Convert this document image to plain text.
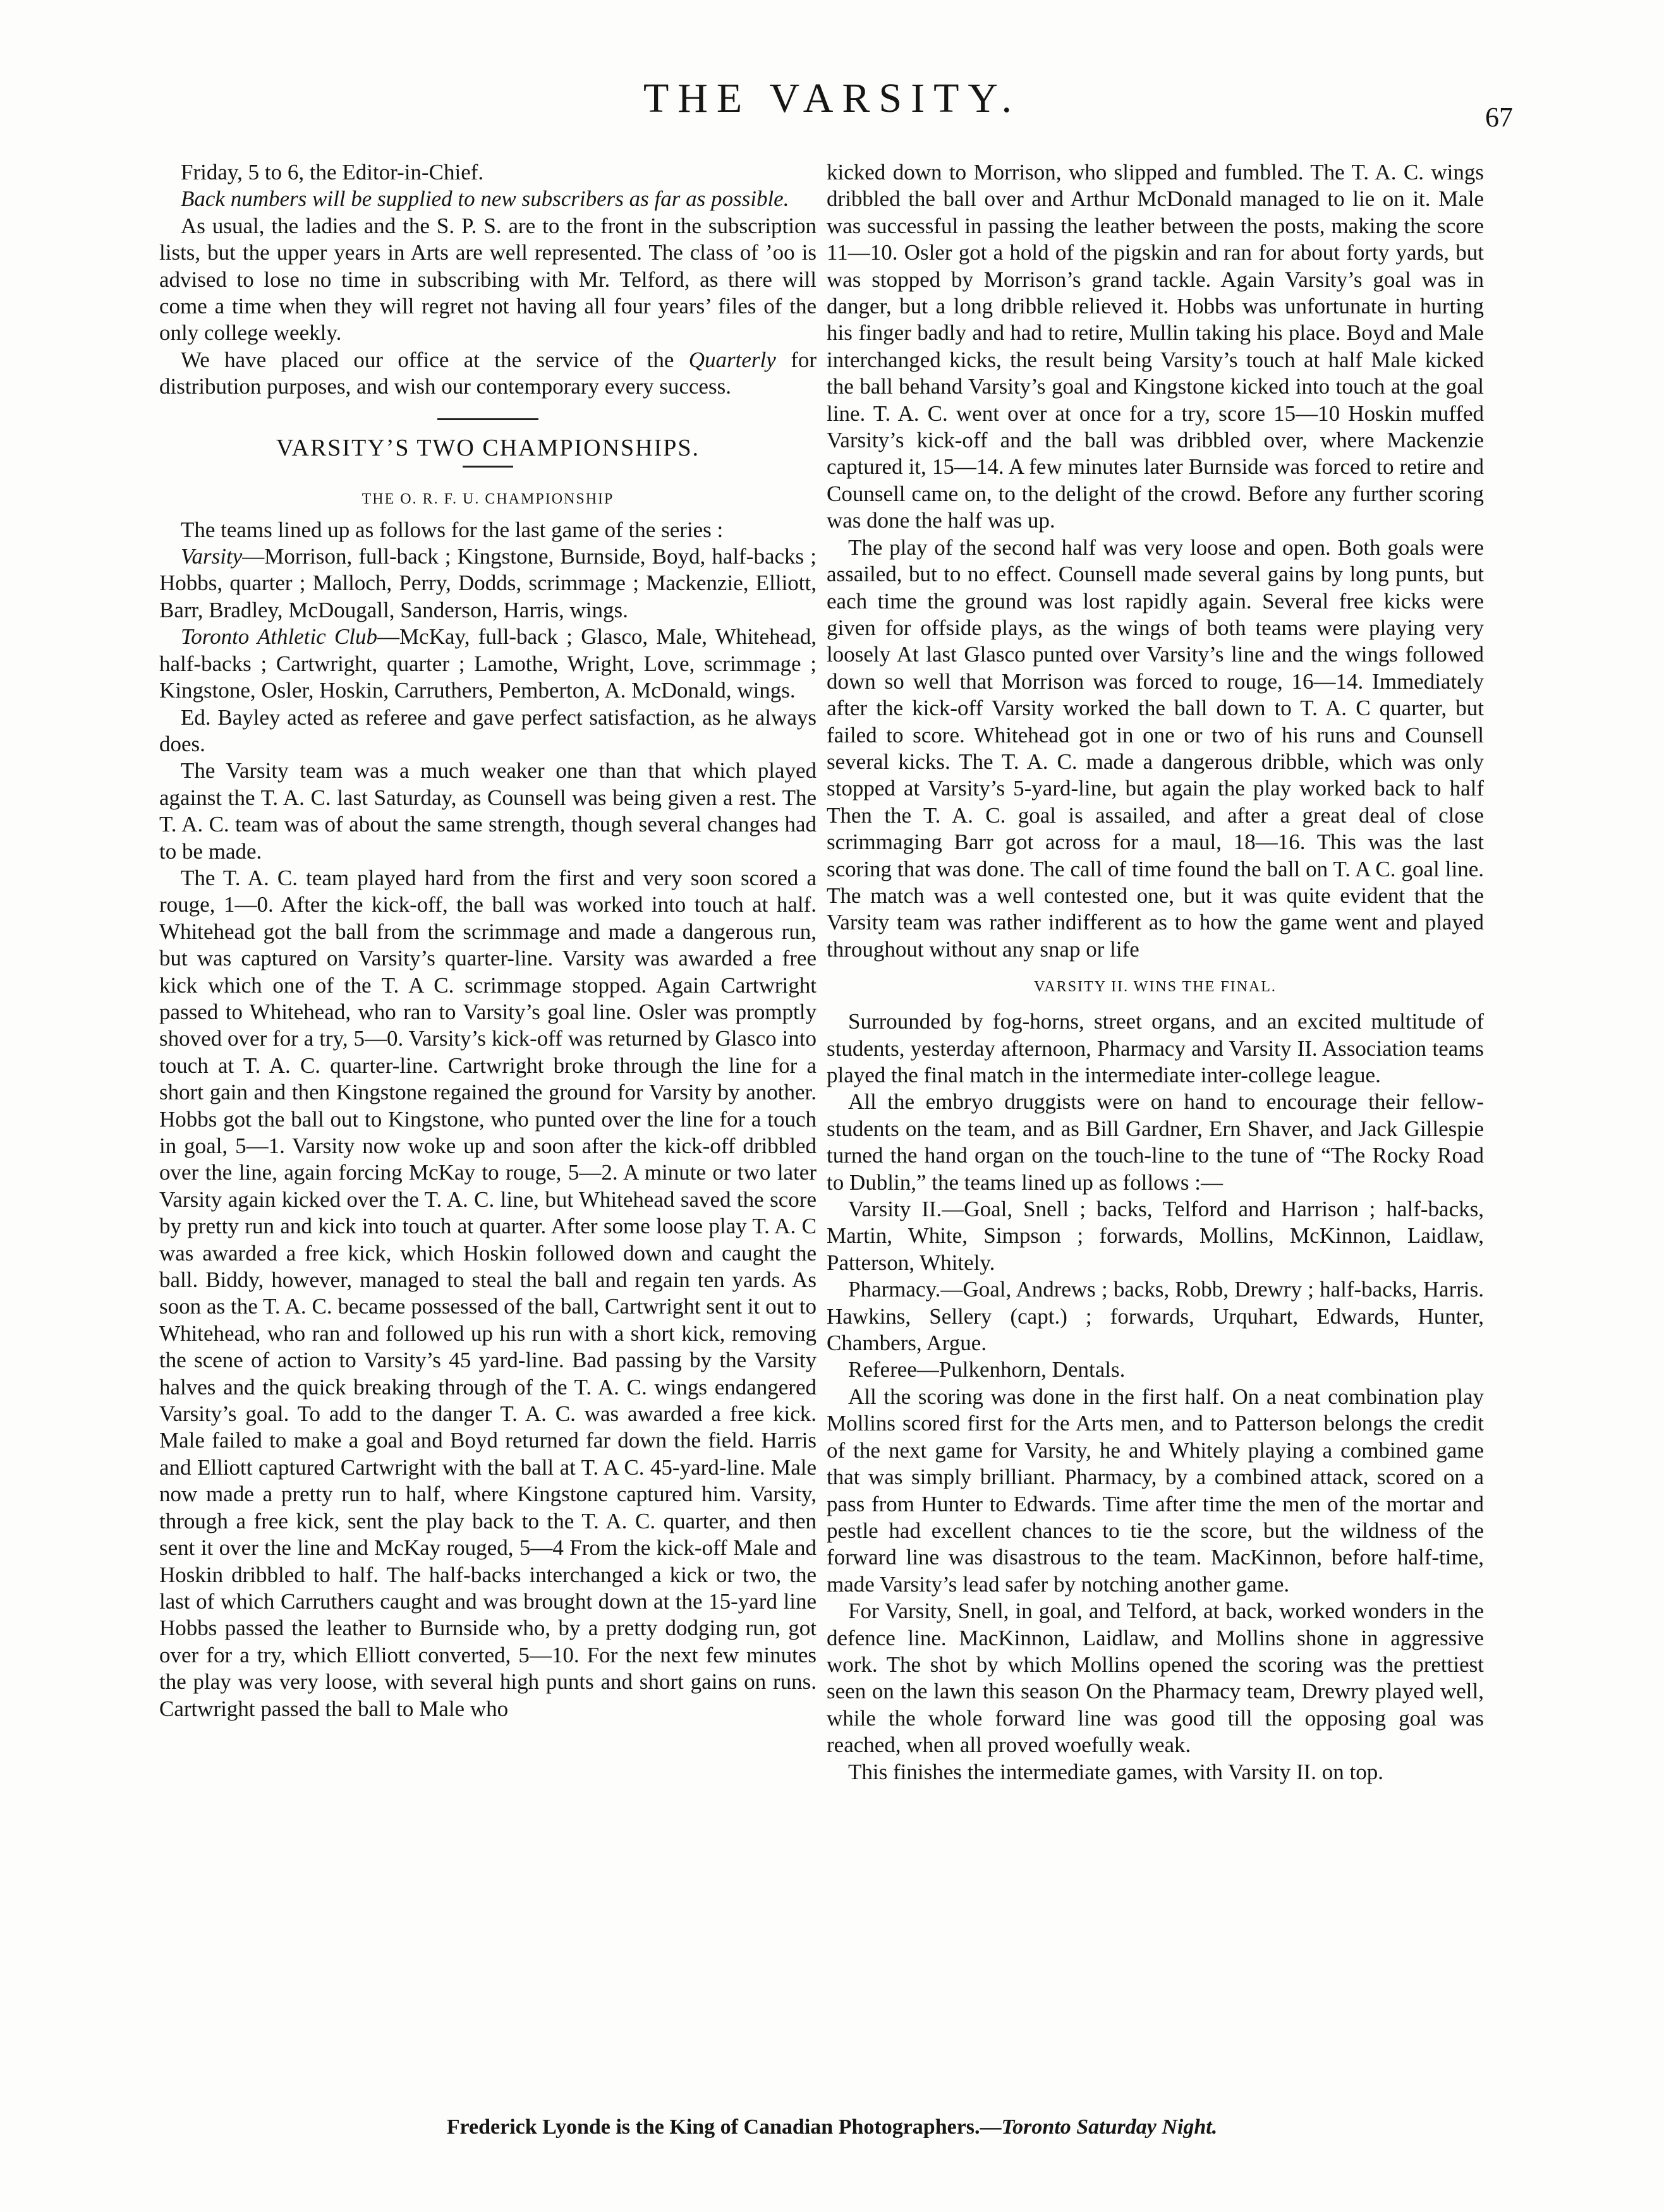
THE VARSITY.	67

Friday, 5 to 6, the Editor-in-Chief.

Back numbers will be supplied to new subscribers as far as possible.

As usual, the ladies and the S. P. S. are to the front in the subscription lists, but the upper years in Arts are well represented. The class of ’oo is advised to lose no time in subscribing with Mr. Telford, as there will come a time when they will regret not having all four years’ files of the only college weekly.

We have placed our office at the service of the Quarterly for distribution purposes, and wish our contemporary every success.

VARSITY’S TWO CHAMPIONSHIPS.
THE O. R. F. U. CHAMPIONSHIP

The teams lined up as follows for the last game of the series :

Varsity—Morrison, full-back ; Kingstone, Burnside, Boyd, half-backs ; Hobbs, quarter ; Malloch, Perry, Dodds, scrimmage ; Mackenzie, Elliott, Barr, Bradley, McDougall, Sanderson, Harris, wings.

Toronto Athletic Club—McKay, full-back ; Glasco, Male, Whitehead, half-backs ; Cartwright, quarter ; Lamothe, Wright, Love, scrimmage ; Kingstone, Osler, Hoskin, Carruthers, Pemberton, A. McDonald, wings.

Ed. Bayley acted as referee and gave perfect satisfaction, as he always does.

The Varsity team was a much weaker one than that which played against the T. A. C. last Saturday, as Counsell was being given a rest. The T. A. C. team was of about the same strength, though several changes had to be made.

The T. A. C. team played hard from the first and very soon scored a rouge, 1—0. After the kick-off, the ball was worked into touch at half. Whitehead got the ball from the scrimmage and made a dangerous run, but was captured on Varsity’s quarter-line. Varsity was awarded a free kick which one of the T. A C. scrimmage stopped. Again Cartwright passed to Whitehead, who ran to Varsity’s goal line. Osler was promptly shoved over for a try, 5—0. Varsity’s kick-off was returned by Glasco into touch at T. A. C. quarter-line. Cartwright broke through the line for a short gain and then Kingstone regained the ground for Varsity by another. Hobbs got the ball out to Kingstone, who punted over the line for a touch in goal, 5—1. Varsity now woke up and soon after the kick-off dribbled over the line, again forcing McKay to rouge, 5—2. A minute or two later Varsity again kicked over the T. A. C. line, but Whitehead saved the score by pretty run and kick into touch at quarter. After some loose play T. A. C was awarded a free kick, which Hoskin followed down and caught the ball. Biddy, however, managed to steal the ball and regain ten yards. As soon as the T. A. C. became possessed of the ball, Cartwright sent it out to Whitehead, who ran and followed up his run with a short kick, removing the scene of action to Varsity’s 45 yard-line. Bad passing by the Varsity halves and the quick breaking through of the T. A. C. wings endangered Varsity’s goal. To add to the danger T. A. C. was awarded a free kick. Male failed to make a goal and Boyd returned far down the field. Harris and Elliott captured Cartwright with the ball at T. A C. 45-yard-line. Male now made a pretty run to half, where Kingstone captured him. Varsity, through a free kick, sent the play back to the T. A. C. quarter, and then sent it over the line and McKay rouged, 5—4 From the kick-off Male and Hoskin dribbled to half. The half-backs interchanged a kick or two, the last of which Carruthers caught and was brought down at the 15-yard line Hobbs passed the leather to Burnside who, by a pretty dodging run, got over for a try, which Elliott converted, 5—10. For the next few minutes the play was very loose, with several high punts and short gains on runs. Cartwright passed the ball to Male who

kicked down to Morrison, who slipped and fumbled. The T. A. C. wings dribbled the ball over and Arthur McDonald managed to lie on it. Male was successful in passing the leather between the posts, making the score 11—10. Osler got a hold of the pigskin and ran for about forty yards, but was stopped by Morrison’s grand tackle. Again Varsity’s goal was in danger, but a long dribble relieved it. Hobbs was unfortunate in hurting his finger badly and had to retire, Mullin taking his place. Boyd and Male interchanged kicks, the result being Varsity’s touch at half Male kicked the ball behand Varsity’s goal and Kingstone kicked into touch at the goal line. T. A. C. went over at once for a try, score 15—10 Hoskin muffed Varsity’s kick-off and the ball was dribbled over, where Mackenzie captured it, 15—14. A few minutes later Burnside was forced to retire and Counsell came on, to the delight of the crowd. Before any further scoring was done the half was up.

The play of the second half was very loose and open. Both goals were assailed, but to no effect. Counsell made several gains by long punts, but each time the ground was lost rapidly again. Several free kicks were given for offside plays, as the wings of both teams were playing very loosely At last Glasco punted over Varsity’s line and the wings followed down so well that Morrison was forced to rouge, 16—14. Immediately after the kick-off Varsity worked the ball down to T. A. C quarter, but failed to score. Whitehead got in one or two of his runs and Counsell several kicks. The T. A. C. made a dangerous dribble, which was only stopped at Varsity’s 5-yard-line, but again the play worked back to half Then the T. A. C. goal is assailed, and after a great deal of close scrimmaging Barr got across for a maul, 18—16. This was the last scoring that was done. The call of time found the ball on T. A C. goal line. The match was a well contested one, but it was quite evident that the Varsity team was rather indifferent as to how the game went and played throughout without any snap or life

VARSITY II. WINS THE FINAL.

Surrounded by fog-horns, street organs, and an excited multitude of students, yesterday afternoon, Pharmacy and Varsity II. Association teams played the final match in the intermediate inter-college league.

All the embryo druggists were on hand to encourage their fellow-students on the team, and as Bill Gardner, Ern Shaver, and Jack Gillespie turned the hand organ on the touch-line to the tune of “The Rocky Road to Dublin,” the teams lined up as follows :—

Varsity II.—Goal, Snell ; backs, Telford and Harrison ; half-backs, Martin, White, Simpson ; forwards, Mollins, McKinnon, Laidlaw, Patterson, Whitely.

Pharmacy.—Goal, Andrews ; backs, Robb, Drewry ; half-backs, Harris. Hawkins, Sellery (capt.) ; forwards, Urquhart, Edwards, Hunter, Chambers, Argue.

Referee—Pulkenhorn, Dentals.

All the scoring was done in the first half. On a neat combination play Mollins scored first for the Arts men, and to Patterson belongs the credit of the next game for Varsity, he and Whitely playing a combined game that was simply brilliant. Pharmacy, by a combined attack, scored on a pass from Hunter to Edwards. Time after time the men of the mortar and pestle had excellent chances to tie the score, but the wildness of the forward line was disastrous to the team. MacKinnon, before half-time, made Varsity’s lead safer by notching another game.

For Varsity, Snell, in goal, and Telford, at back, worked wonders in the defence line. MacKinnon, Laidlaw, and Mollins shone in aggressive work. The shot by which Mollins opened the scoring was the prettiest seen on the lawn this season On the Pharmacy team, Drewry played well, while the whole forward line was good till the opposing goal was reached, when all proved woefully weak.

This finishes the intermediate games, with Varsity II. on top.

Frederick Lyonde is the King of Canadian Photographers.—Toronto Saturday Night.
